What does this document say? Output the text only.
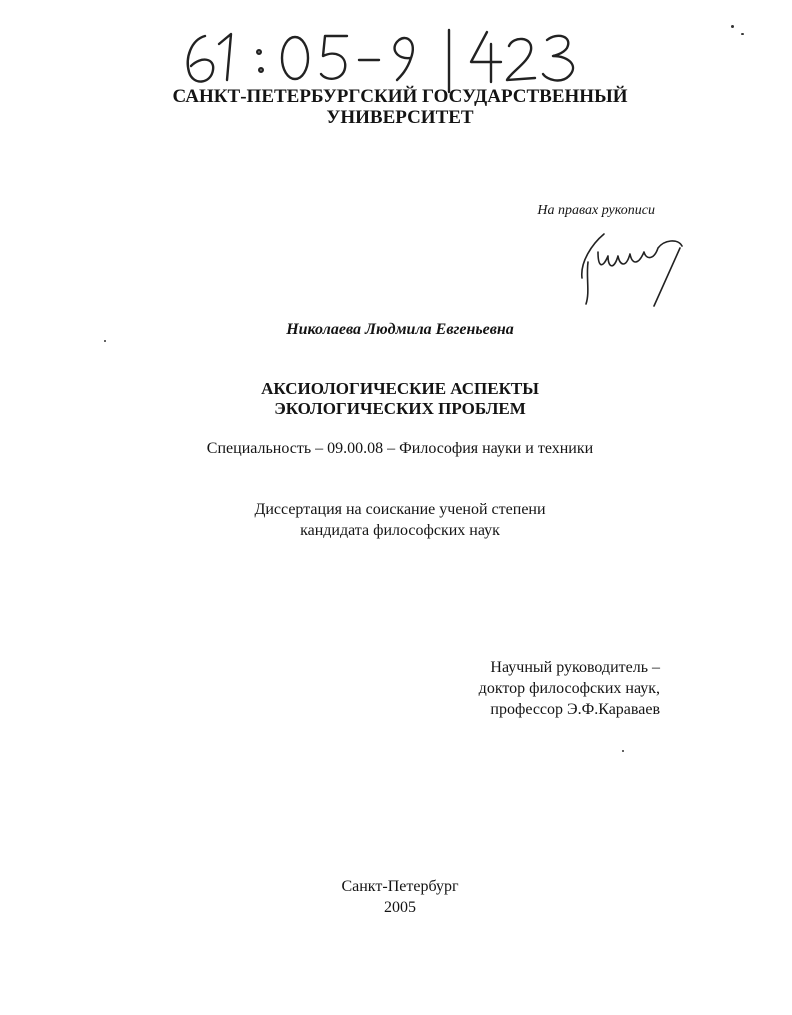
САНКТ-ПЕТЕРБУРГСКИЙ ГОСУДАРСТВЕННЫЙ
УНИВЕРСИТЕТ
На правах рукописи
Николаева Людмила Евгеньевна
АКСИОЛОГИЧЕСКИЕ АСПЕКТЫ
ЭКОЛОГИЧЕСКИХ ПРОБЛЕМ
Специальность – 09.00.08 – Философия науки и техники
Диссертация на соискание ученой степени
кандидата философских наук
Научный руководитель –
доктор философских наук,
профессор Э.Ф.Караваев
Санкт-Петербург
2005
